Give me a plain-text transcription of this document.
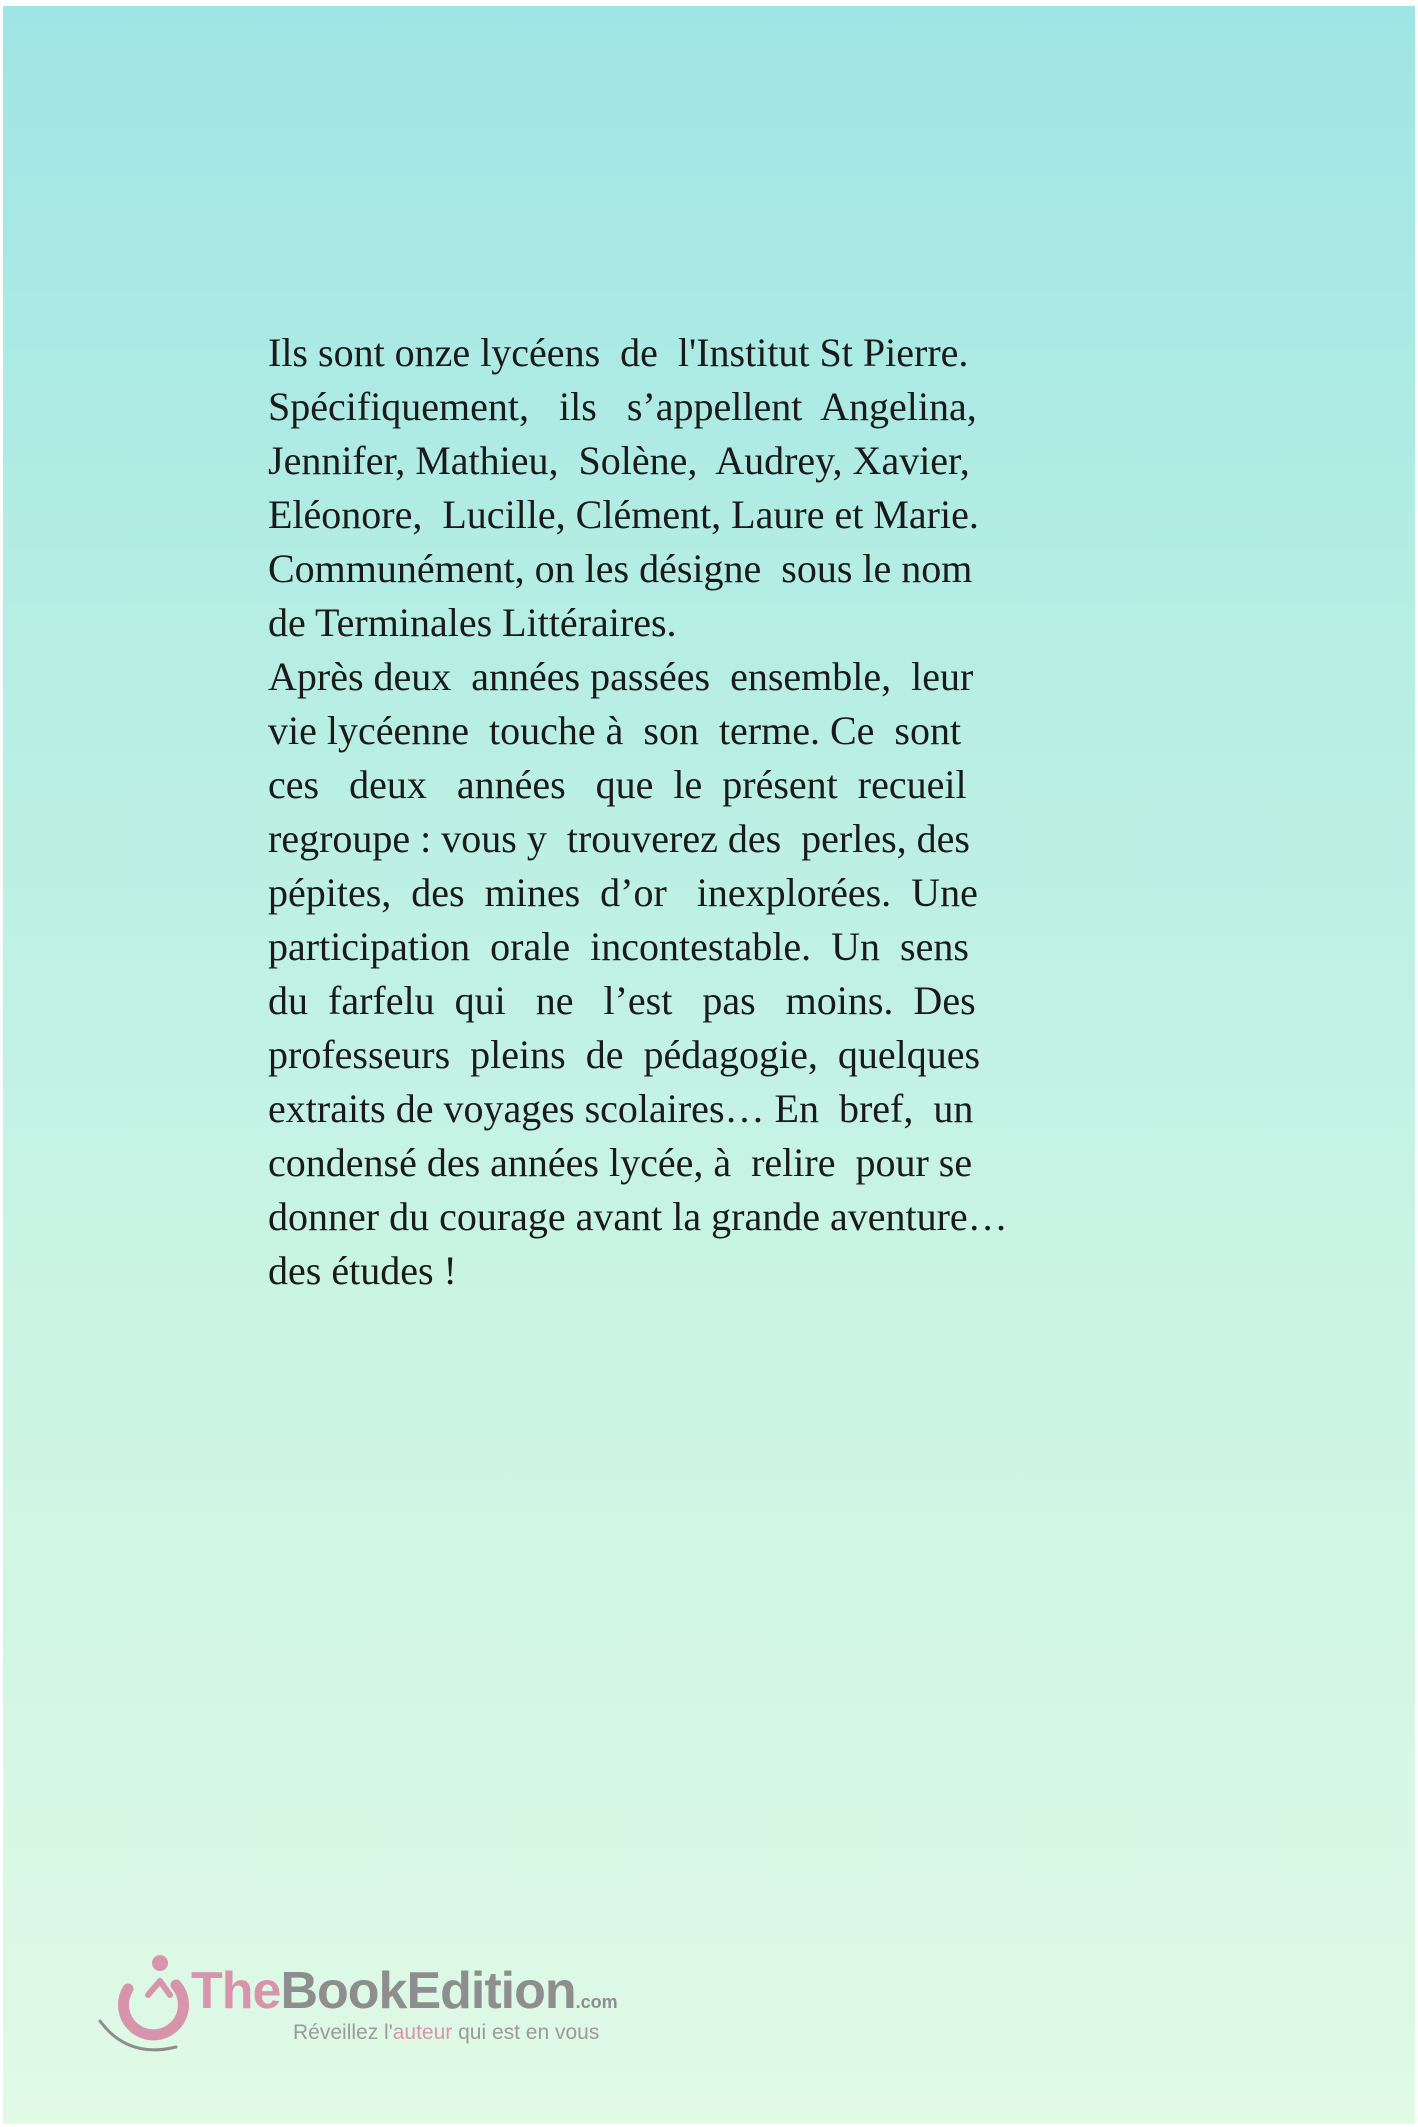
Ils sont onze lycéens  de  l'Institut St Pierre.
Spécifiquement,   ils   s’appellent  Angelina,
Jennifer, Mathieu,  Solène,  Audrey, Xavier,
Eléonore,  Lucille, Clément, Laure et Marie.
Communément, on les désigne  sous le nom
de Terminales Littéraires.
Après deux  années passées  ensemble,  leur
vie lycéenne  touche à  son  terme. Ce  sont
ces   deux   années   que  le  présent  recueil
regroupe : vous y  trouverez des  perles, des
pépites,  des  mines  d’or   inexplorées.  Une
participation  orale  incontestable.  Un  sens
du  farfelu  qui   ne   l’est   pas   moins.  Des
professeurs  pleins  de  pédagogie,  quelques
extraits de voyages scolaires… En  bref,  un
condensé des années lycée, à  relire  pour se
donner du courage avant la grande aventure…
des études !
TheBookEdition.com
Réveillez l'auteur qui est en vous
